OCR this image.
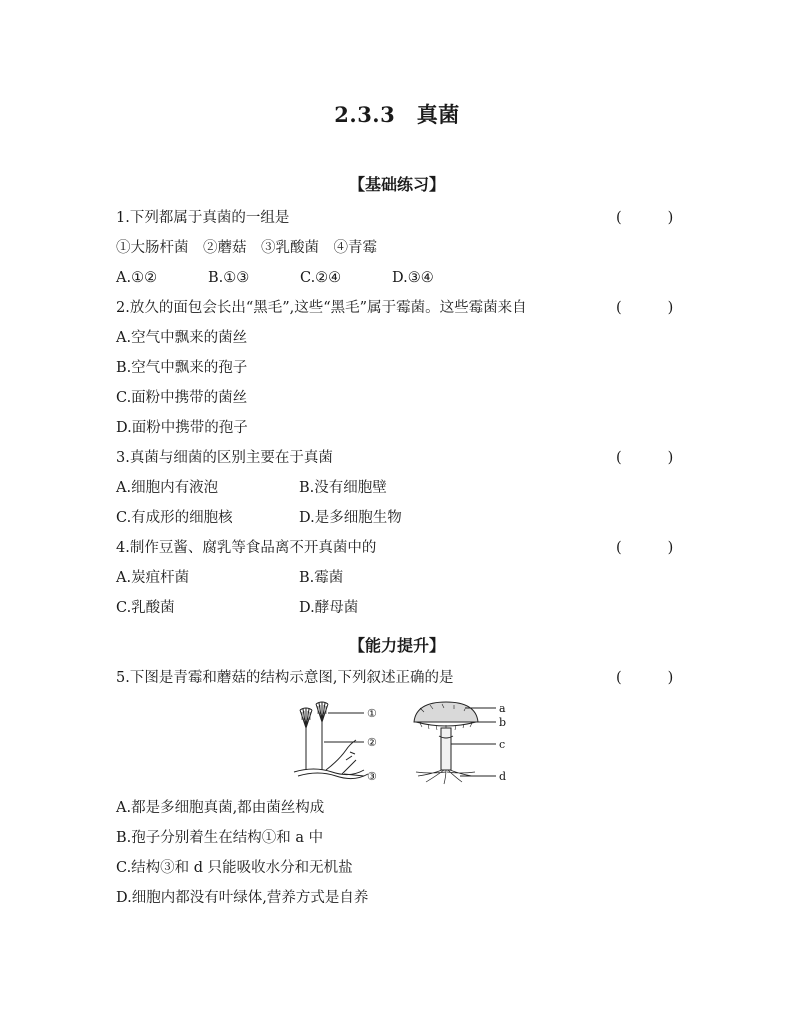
2.3.3　真菌
【基础练习】
1.下列都属于真菌的一组是	(	)
①大肠杆菌　②蘑菇　③乳酸菌　④青霉
A.①②	B.①③	C.②④	D.③④
2.放久的面包会长出“黑毛”,这些“黑毛”属于霉菌。这些霉菌来自	(	)
A.空气中飘来的菌丝
B.空气中飘来的孢子
C.面粉中携带的菌丝
D.面粉中携带的孢子
3.真菌与细菌的区别主要在于真菌	(	)
A.细胞内有液泡	B.没有细胞壁
C.有成形的细胞核	D.是多细胞生物
4.制作豆酱、腐乳等食品离不开真菌中的	(	)
A.炭疽杆菌	B.霉菌
C.乳酸菌	D.酵母菌
【能力提升】
5.下图是青霉和蘑菇的结构示意图,下列叙述正确的是	(	)
①
②
③
a
b
c
d
A.都是多细胞真菌,都由菌丝构成
B.孢子分别着生在结构①和 a 中
C.结构③和 d 只能吸收水分和无机盐
D.细胞内都没有叶绿体,营养方式是自养
